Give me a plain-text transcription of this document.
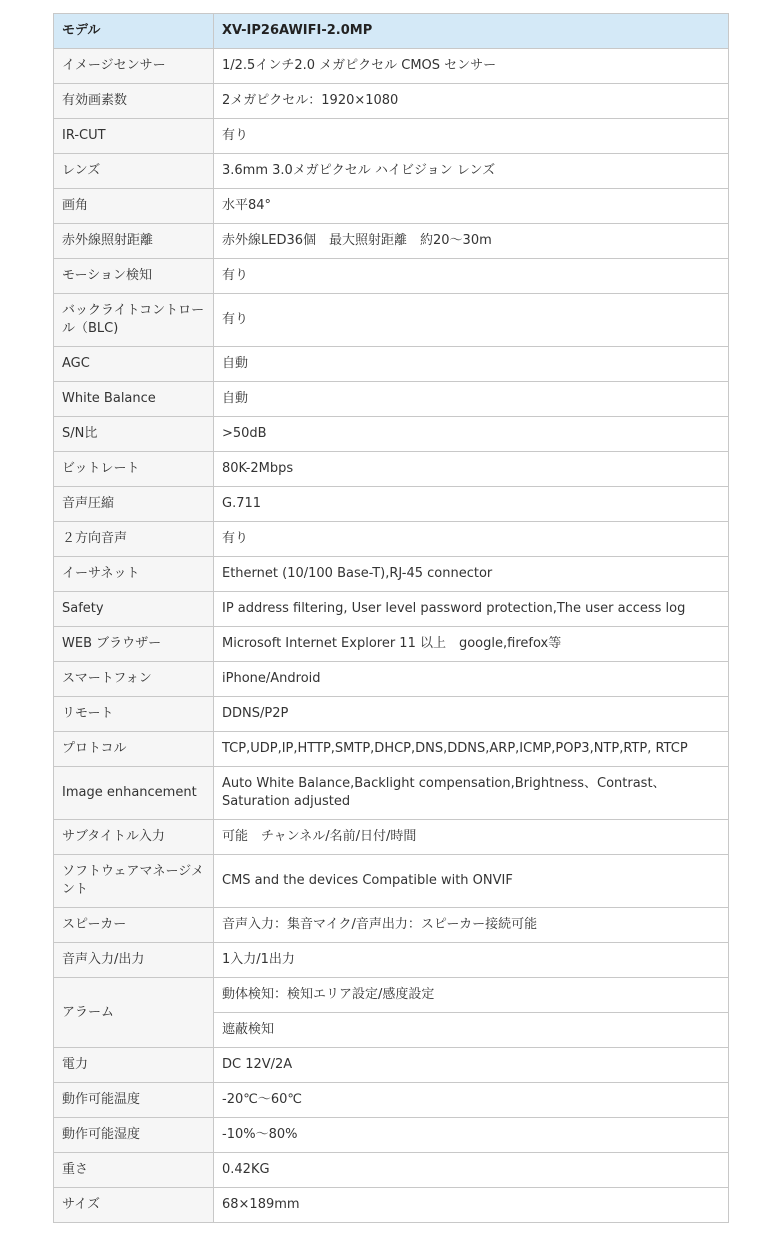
モデル	XV-IP26AWIFI-2.0MP
イメージセンサー	1/2.5インチ2.0 メガピクセル CMOS センサー
有効画素数	2メガピクセル：1920×1080
IR-CUT	有り
レンズ	3.6mm 3.0メガピクセル ハイビジョン レンズ
画角	水平84°
赤外線照射距離	赤外線LED36個　最大照射距離　約20～30m
モーション検知	有り
バックライトコントロール（BLC)	有り
AGC	自動
White Balance	自動
S/N比	>50dB
ビットレート	80K-2Mbps
音声圧縮	G.711
２方向音声	有り
イーサネット	Ethernet (10/100 Base-T),RJ-45 connector
Safety	IP address filtering, User level password protection,The user access log
WEB ブラウザー	Microsoft Internet Explorer 11 以上　google,firefox等
スマートフォン	iPhone/Android
リモート	DDNS/P2P
プロトコル	TCP,UDP,IP,HTTP,SMTP,DHCP,DNS,DDNS,ARP,ICMP,POP3,NTP,RTP, RTCP
Image enhancement	Auto White Balance,Backlight compensation,Brightness、Contrast、Saturation adjusted
サブタイトル入力	可能　チャンネル/名前/日付/時間
ソフトウェアマネージメント	CMS and the devices Compatible with ONVIF
スピーカー	音声入力：集音マイク/音声出力：スピーカー接続可能
音声入力/出力	1入力/1出力
アラーム	動体検知：検知エリア設定/感度設定
	遮蔽検知
電力	DC 12V/2A
動作可能温度	-20℃～60℃
動作可能湿度	-10%～80%
重さ	0.42KG
サイズ	68×189mm
